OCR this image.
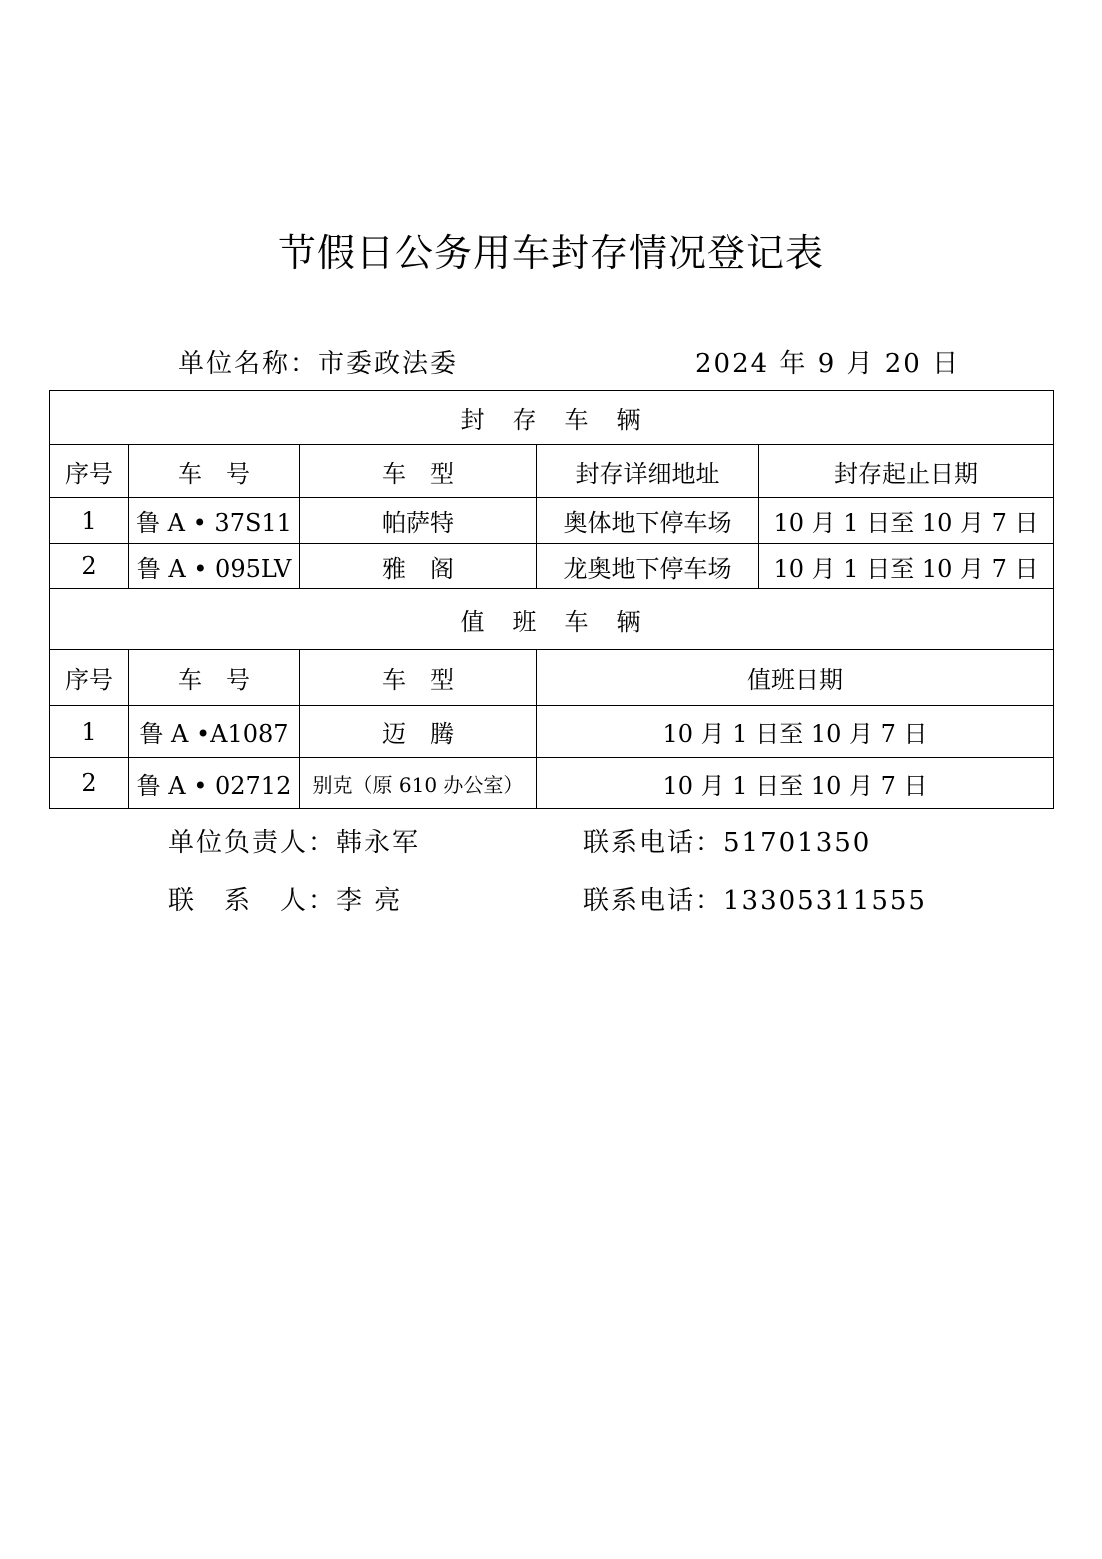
节假日公务用车封存情况登记表
单位名称：市委政法委	2024 年 9 月 20 日
封　存　车　辆				
序号	车　号	车　型	封存详细地址	封存起止日期
1	鲁 A • 37S11	帕萨特	奥体地下停车场	10 月 1 日至 10 月 7 日
2	鲁 A • 095LV	雅　阁	龙奥地下停车场	10 月 1 日至 10 月 7 日
值　班　车　辆				
序号	车　号	车　型	值班日期	
1	鲁 A •A1087	迈　腾	10 月 1 日至 10 月 7 日	
2	鲁 A • 02712	别克（原 610 办公室）	10 月 1 日至 10 月 7 日	
单位负责人：韩永军	联系电话：51701350
联　系　人：李 亮	联系电话：13305311555
